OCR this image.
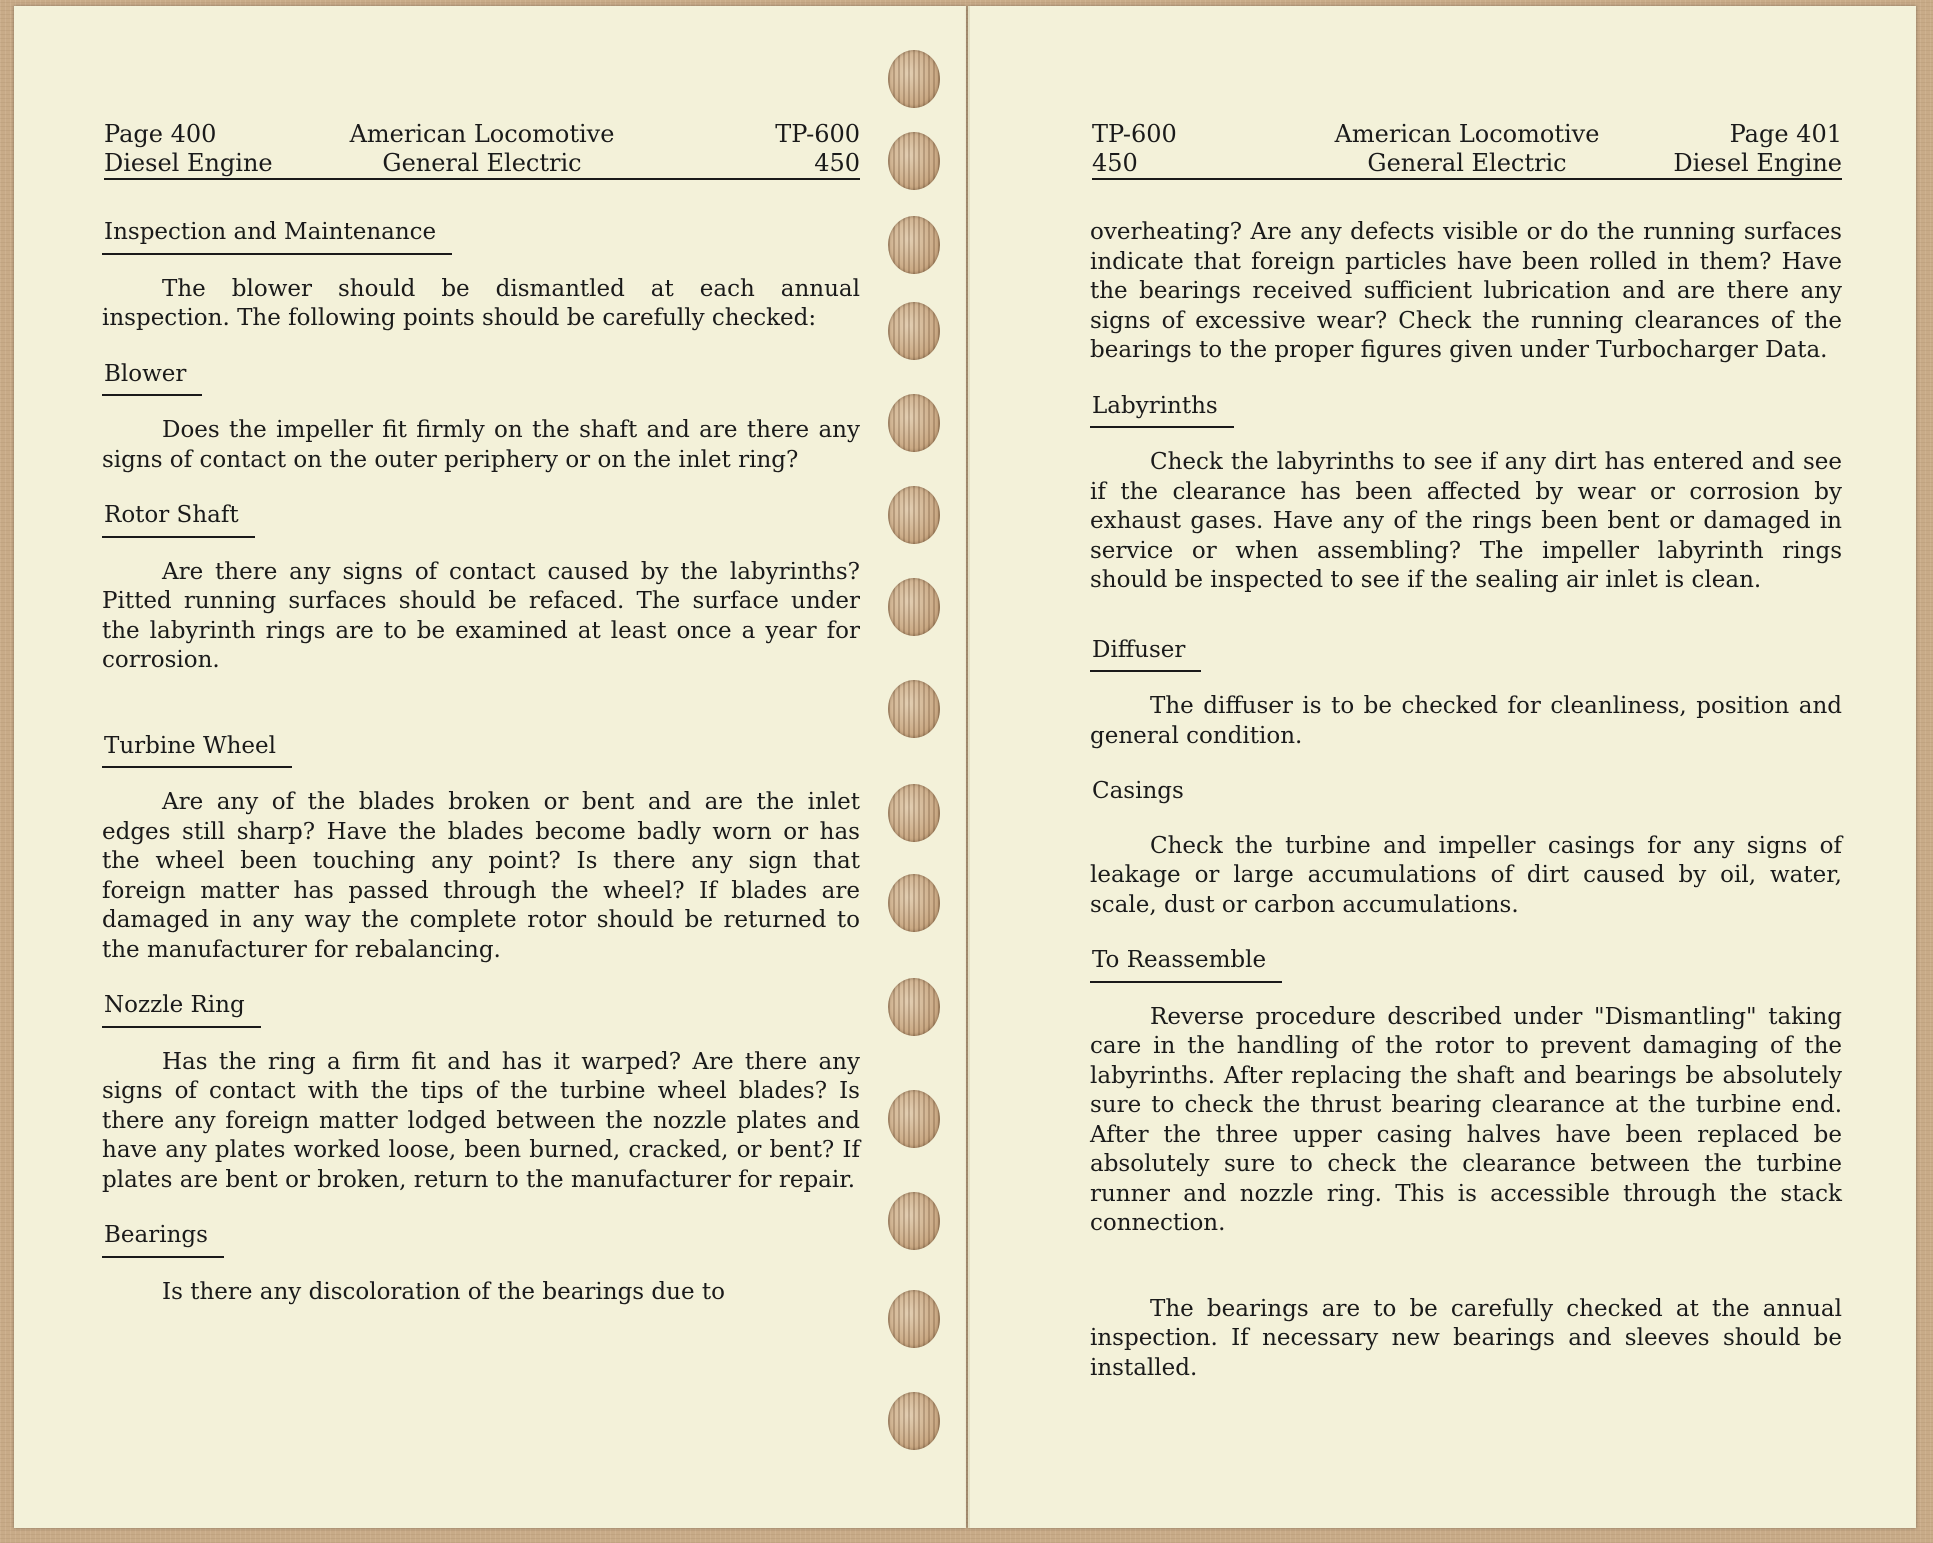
Page 400
Diesel Engine
American Locomotive
General Electric
TP-600
450
Inspection and Maintenance

The blower should be dismantled at each annual inspection. The following points should be carefully checked:

Blower

Does the impeller fit firmly on the shaft and are there any signs of contact on the outer periphery or on the inlet ring?

Rotor Shaft

Are there any signs of contact caused by the labyrinths? Pitted running surfaces should be refaced. The surface under the labyrinth rings are to be examined at least once a year for corrosion.

Turbine Wheel

Are any of the blades broken or bent and are the inlet edges still sharp? Have the blades become badly worn or has the wheel been touching any point? Is there any sign that foreign matter has passed through the wheel? If blades are damaged in any way the complete rotor should be returned to the manufacturer for rebalancing.

Nozzle Ring

Has the ring a firm fit and has it warped? Are there any signs of contact with the tips of the turbine wheel blades? Is there any foreign matter lodged between the nozzle plates and have any plates worked loose, been burned, cracked, or bent? If plates are bent or broken, return to the manufacturer for repair.

Bearings

Is there any discoloration of the bearings due to

TP-600
450
American Locomotive
General Electric
Page 401
Diesel Engine

overheating? Are any defects visible or do the running surfaces indicate that foreign particles have been rolled in them? Have the bearings received sufficient lubrication and are there any signs of excessive wear? Check the running clearances of the bearings to the proper figures given under Turbocharger Data.

Labyrinths

Check the labyrinths to see if any dirt has entered and see if the clearance has been affected by wear or corrosion by exhaust gases. Have any of the rings been bent or damaged in service or when assembling? The impeller labyrinth rings should be inspected to see if the sealing air inlet is clean.

Diffuser

The diffuser is to be checked for cleanliness, position and general condition.

Casings

Check the turbine and impeller casings for any signs of leakage or large accumulations of dirt caused by oil, water, scale, dust or carbon accumulations.

To Reassemble

Reverse procedure described under "Dismantling" taking care in the handling of the rotor to prevent damaging of the labyrinths. After replacing the shaft and bearings be absolutely sure to check the thrust bearing clearance at the turbine end. After the three upper casing halves have been replaced be absolutely sure to check the clearance between the turbine runner and nozzle ring. This is accessible through the stack connection.

The bearings are to be carefully checked at the annual inspection. If necessary new bearings and sleeves should be installed.
